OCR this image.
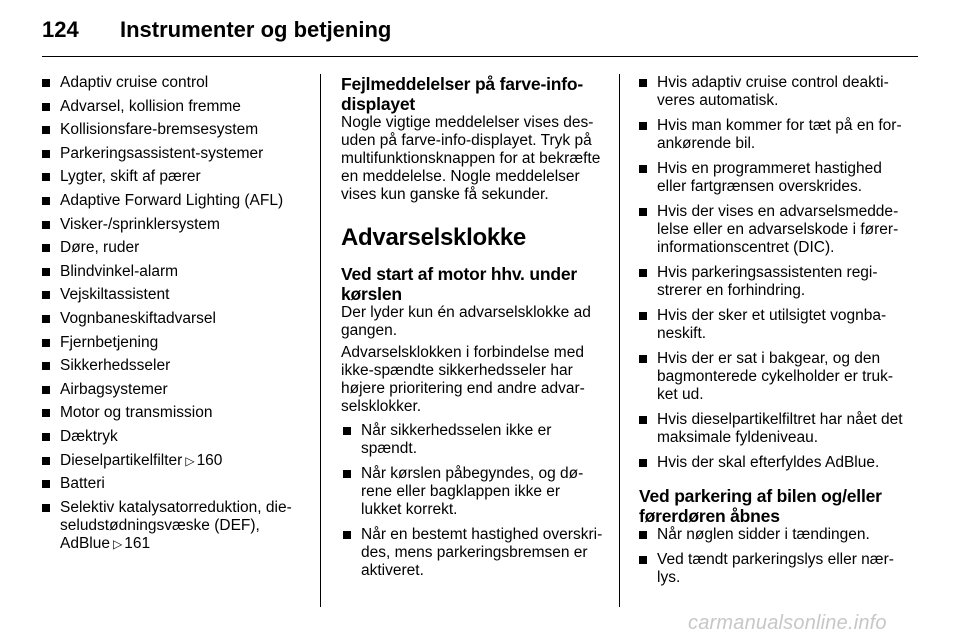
124 Instrumenter og betjening
Adaptiv cruise control
Advarsel, kollision fremme
Kollisionsfare-bremsesystem
Parkeringsassistent-systemer
Lygter, skift af pærer
Adaptive Forward Lighting (AFL)
Visker-/sprinklersystem
Døre, ruder
Blindvinkel-alarm
Vejskiltassistent
Vognbaneskiftadvarsel
Fjernbetjening
Sikkerhedsseler
Airbagsystemer
Motor og transmission
Dæktryk
Dieselpartikelfilter ▷ 160
Batteri
Selektiv katalysatorreduktion, dieseludstødningsvæske (DEF), AdBlue ▷ 161
Fejlmeddelelser på farve-info-displayet

Nogle vigtige meddelelser vises desuden på farve-info-displayet. Tryk på multifunktionsknappen for at bekræfte en meddelelse. Nogle meddelelser vises kun ganske få sekunder.

Advarselsklokke
Ved start af motor hhv. under kørslen

Der lyder kun én advarselsklokke ad gangen.

Advarselsklokken i forbindelse med ikke-spændte sikkerhedsseler har højere prioritering end andre advarselsklokker.

Når sikkerhedsselen ikke er spændt.
Når kørslen påbegyndes, og dørene eller bagklappen ikke er lukket korrekt.
Når en bestemt hastighed overskrides, mens parkeringsbremsen er aktiveret.
Hvis adaptiv cruise control deaktiveres automatisk.
Hvis man kommer for tæt på en forankørende bil.
Hvis en programmeret hastighed eller fartgrænsen overskrides.
Hvis der vises en advarselsmeddelelse eller en advarselskode i førerinformationscentret (DIC).
Hvis parkeringsassistenten registrerer en forhindring.
Hvis der sker et utilsigtet vognbaneskift.
Hvis der er sat i bakgear, og den bagmonterede cykelholder er trukket ud.
Hvis dieselpartikelfiltret har nået det maksimale fyldeniveau.
Hvis der skal efterfyldes AdBlue.
Ved parkering af bilen og/eller førerdøren åbnes
Når nøglen sidder i tændingen.
Ved tændt parkeringslys eller nærlys.
carmanualsonline.info
